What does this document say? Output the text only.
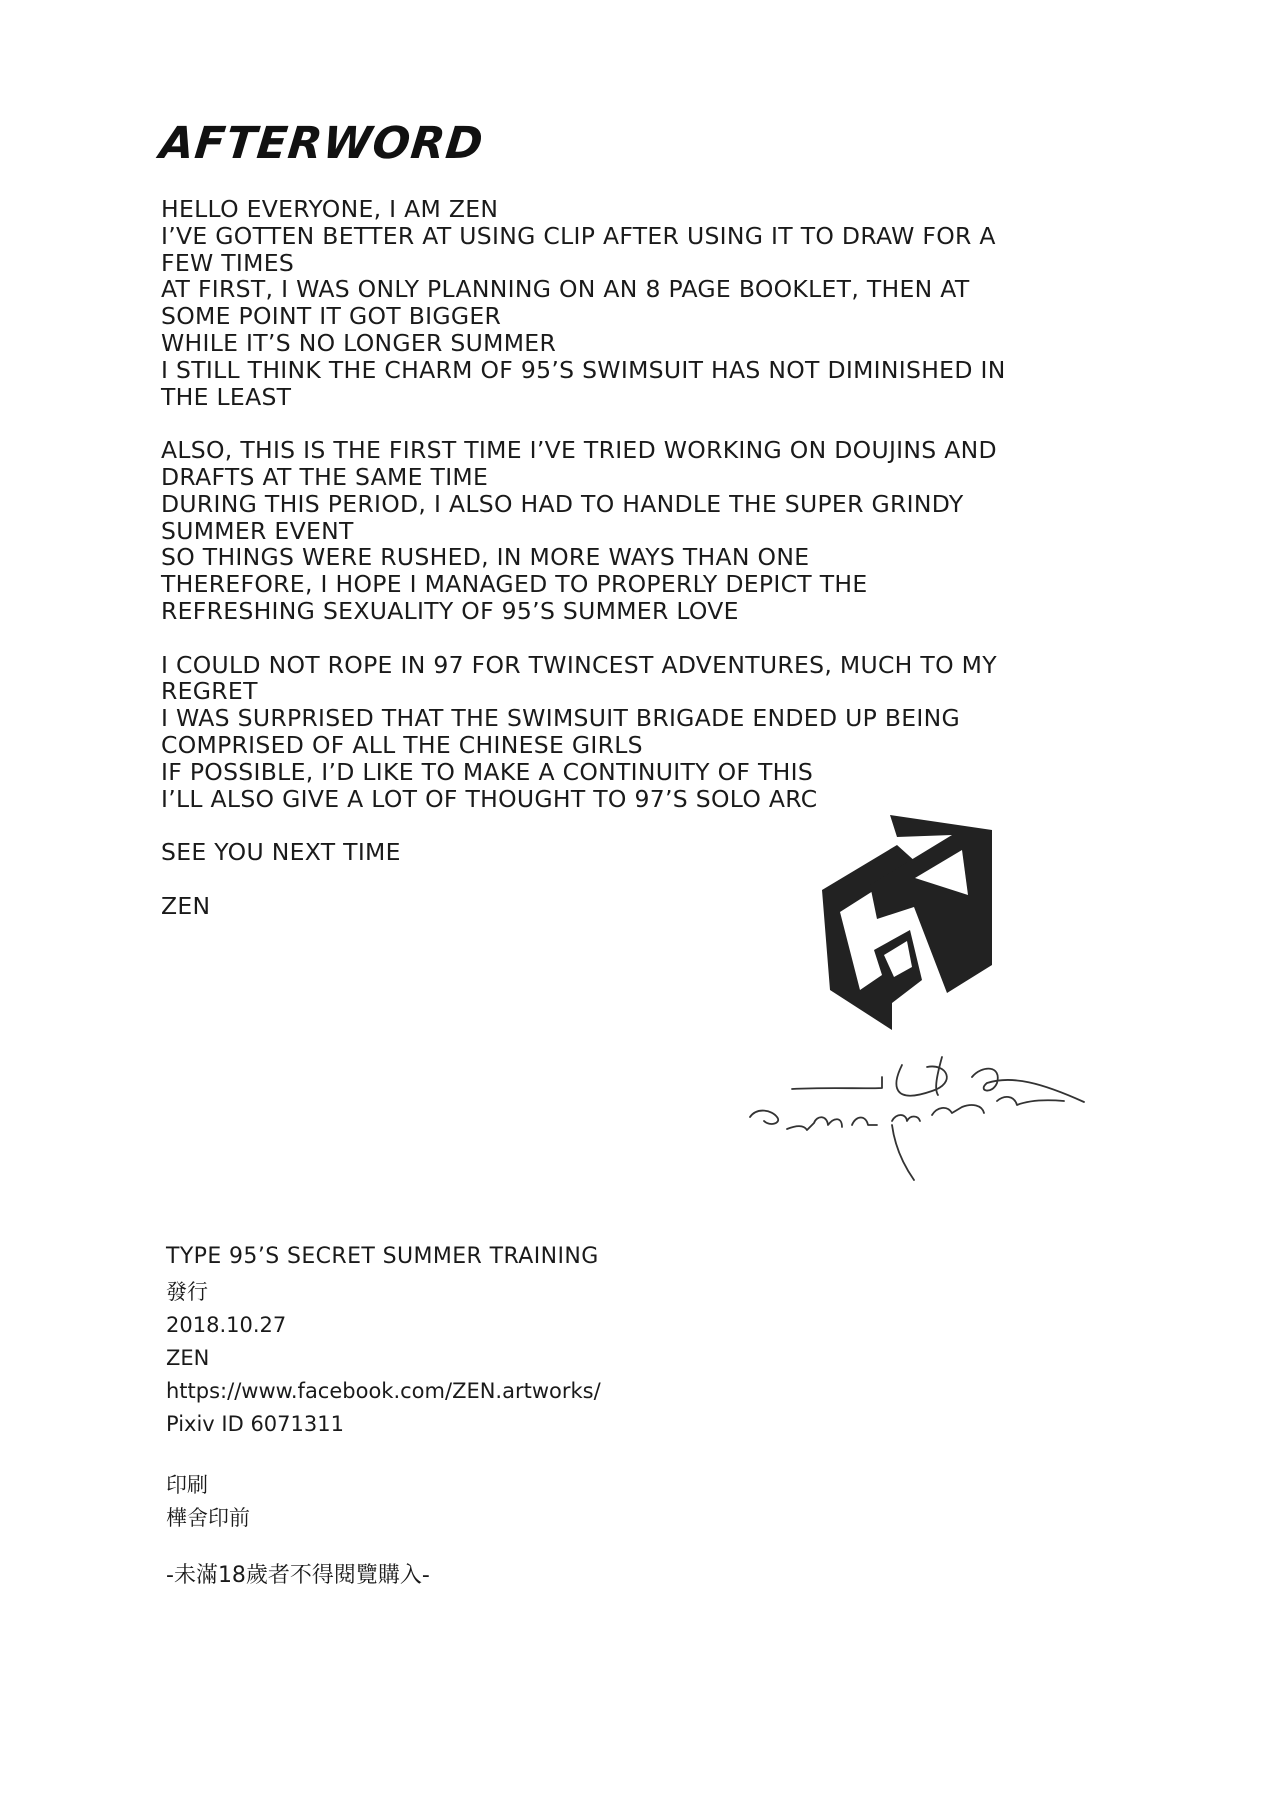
AFTERWORD
HELLO EVERYONE, I AM ZEN
I’VE GOTTEN BETTER AT USING CLIP AFTER USING IT TO DRAW FOR A
FEW TIMES
AT FIRST, I WAS ONLY PLANNING ON AN 8 PAGE BOOKLET, THEN AT
SOME POINT IT GOT BIGGER
WHILE IT’S NO LONGER SUMMER
I STILL THINK THE CHARM OF 95’S SWIMSUIT HAS NOT DIMINISHED IN
THE LEAST
ALSO, THIS IS THE FIRST TIME I’VE TRIED WORKING ON DOUJINS AND
DRAFTS AT THE SAME TIME
DURING THIS PERIOD, I ALSO HAD TO HANDLE THE SUPER GRINDY
SUMMER EVENT
SO THINGS WERE RUSHED, IN MORE WAYS THAN ONE
THEREFORE, I HOPE I MANAGED TO PROPERLY DEPICT THE
REFRESHING SEXUALITY OF 95’S SUMMER LOVE
I COULD NOT ROPE IN 97 FOR TWINCEST ADVENTURES, MUCH TO MY
REGRET
I WAS SURPRISED THAT THE SWIMSUIT BRIGADE ENDED UP BEING
COMPRISED OF ALL THE CHINESE GIRLS
IF POSSIBLE, I’D LIKE TO MAKE A CONTINUITY OF THIS
I’LL ALSO GIVE A LOT OF THOUGHT TO 97’S SOLO ARC
SEE YOU NEXT TIME
ZEN
TYPE 95’S SECRET SUMMER TRAINING
發行
2018.10.27
ZEN
https://www.facebook.com/ZEN.artworks/
Pixiv ID 6071311
印刷
樺舍印前
-未滿18歲者不得閱覽購入-
